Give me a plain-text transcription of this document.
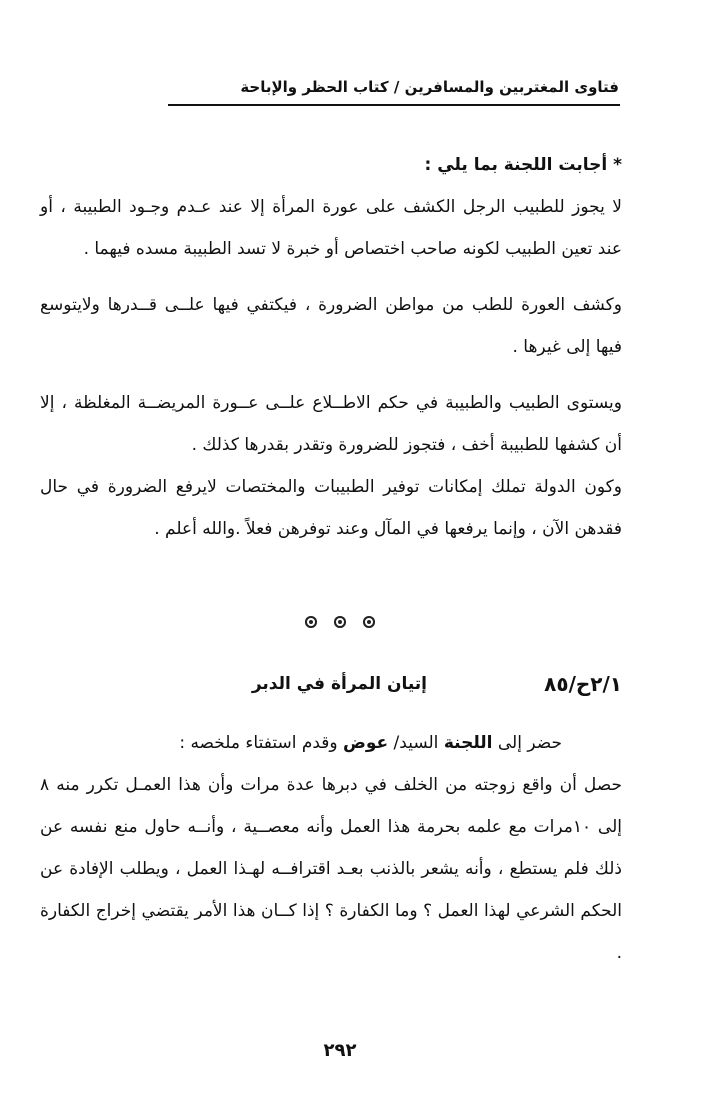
فتاوى المغتربين والمسافرين / كتاب الحظر والإباحة

* أجابت اللجنة بما يلي :

لا يجوز للطبيب الرجل الكشف على عورة المرأة إلا عند عـدم وجـود الطبيبة ، أو عند تعين الطبيب لكونه صاحب اختصاص أو خبرة لا تسد الطبيبة مسده فيهما .

وكشف العورة للطب من مواطن الضرورة ، فيكتفي فيها علــى قــدرها ولايتوسع فيها إلى غيرها .

ويستوى الطبيب والطبيبة في حكم الاطــلاع علــى عــورة المريضــة المغلظة ، إلا أن كشفها للطبيبة أخف ، فتجوز للضرورة وتقدر بقدرها كذلك .

وكون الدولة تملك إمكانات توفير الطبيبات والمختصات لايرفع الضرورة في حال فقدهن الآن ، وإنما يرفعها في المآل وعند توفرهن فعلاً .والله أعلم .

٢/١ح/٨٥
إتيان المرأة في الدبر

حضر إلى اللجنة السيد/ عوض وقدم استفتاء ملخصه :

حصل أن واقع زوجته من الخلف في دبرها عدة مرات وأن هذا العمـل تكرر منه ٨ إلى ١٠مرات مع علمه بحرمة هذا العمل وأنه معصــية ، وأنــه حاول منع نفسه عن ذلك فلم يستطع ، وأنه يشعر بالذنب بعـد اقترافــه لهـذا العمل ، ويطلب الإفادة عن الحكم الشرعي لهذا العمل ؟ وما الكفارة ؟ إذا كــان هذا الأمر يقتضي إخراج الكفارة .

٢٩٢
